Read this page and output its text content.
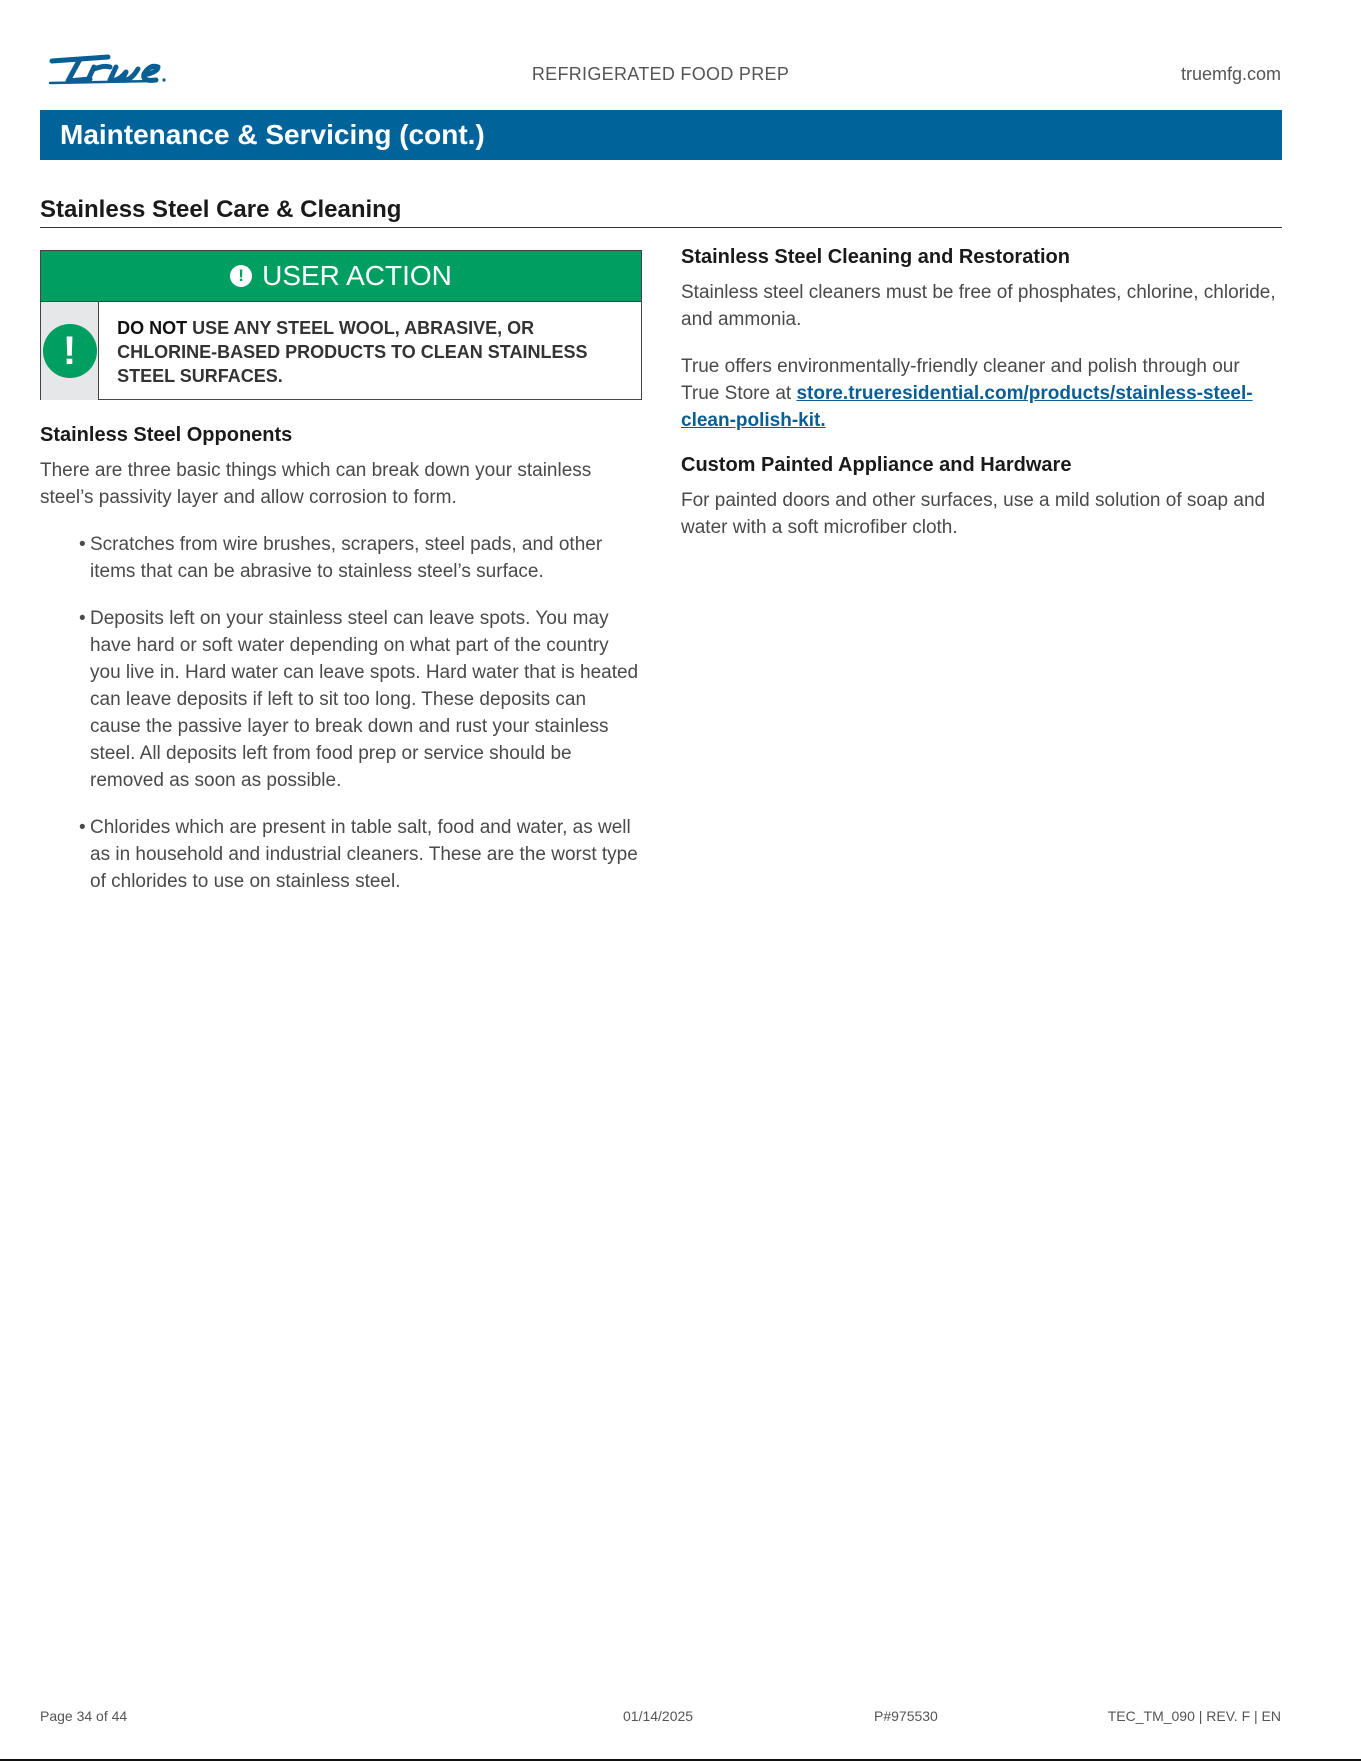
REFRIGERATED FOOD PREP	truemfg.com
Maintenance & Servicing (cont.)
Stainless Steel Care & Cleaning
! USER ACTION
!
DO NOT USE ANY STEEL WOOL, ABRASIVE, OR CHLORINE-BASED PRODUCTS TO CLEAN STAINLESS STEEL SURFACES.
Stainless Steel Opponents

There are three basic things which can break down your stainless steel’s passivity layer and allow corrosion to form.

• Scratches from wire brushes, scrapers, steel pads, and other items that can be abrasive to stainless steel’s surface.
• Deposits left on your stainless steel can leave spots. You may have hard or soft water depending on what part of the country you live in. Hard water can leave spots. Hard water that is heated can leave deposits if left to sit too long. These deposits can cause the passive layer to break down and rust your stainless steel. All deposits left from food prep or service should be removed as soon as possible.
• Chlorides which are present in table salt, food and water, as well as in household and industrial cleaners. These are the worst type of chlorides to use on stainless steel.
Stainless Steel Cleaning and Restoration

Stainless steel cleaners must be free of phosphates, chlorine, chloride, and ammonia.

True offers environmentally-friendly cleaner and polish through our True Store at store.trueresidential.com/products/stainless-steel-clean-polish-kit.

Custom Painted Appliance and Hardware

For painted doors and other surfaces, use a mild solution of soap and water with a soft microfiber cloth.

Page 34 of 44	01/14/2025	P#975530	TEC_TM_090 | REV. F | EN
